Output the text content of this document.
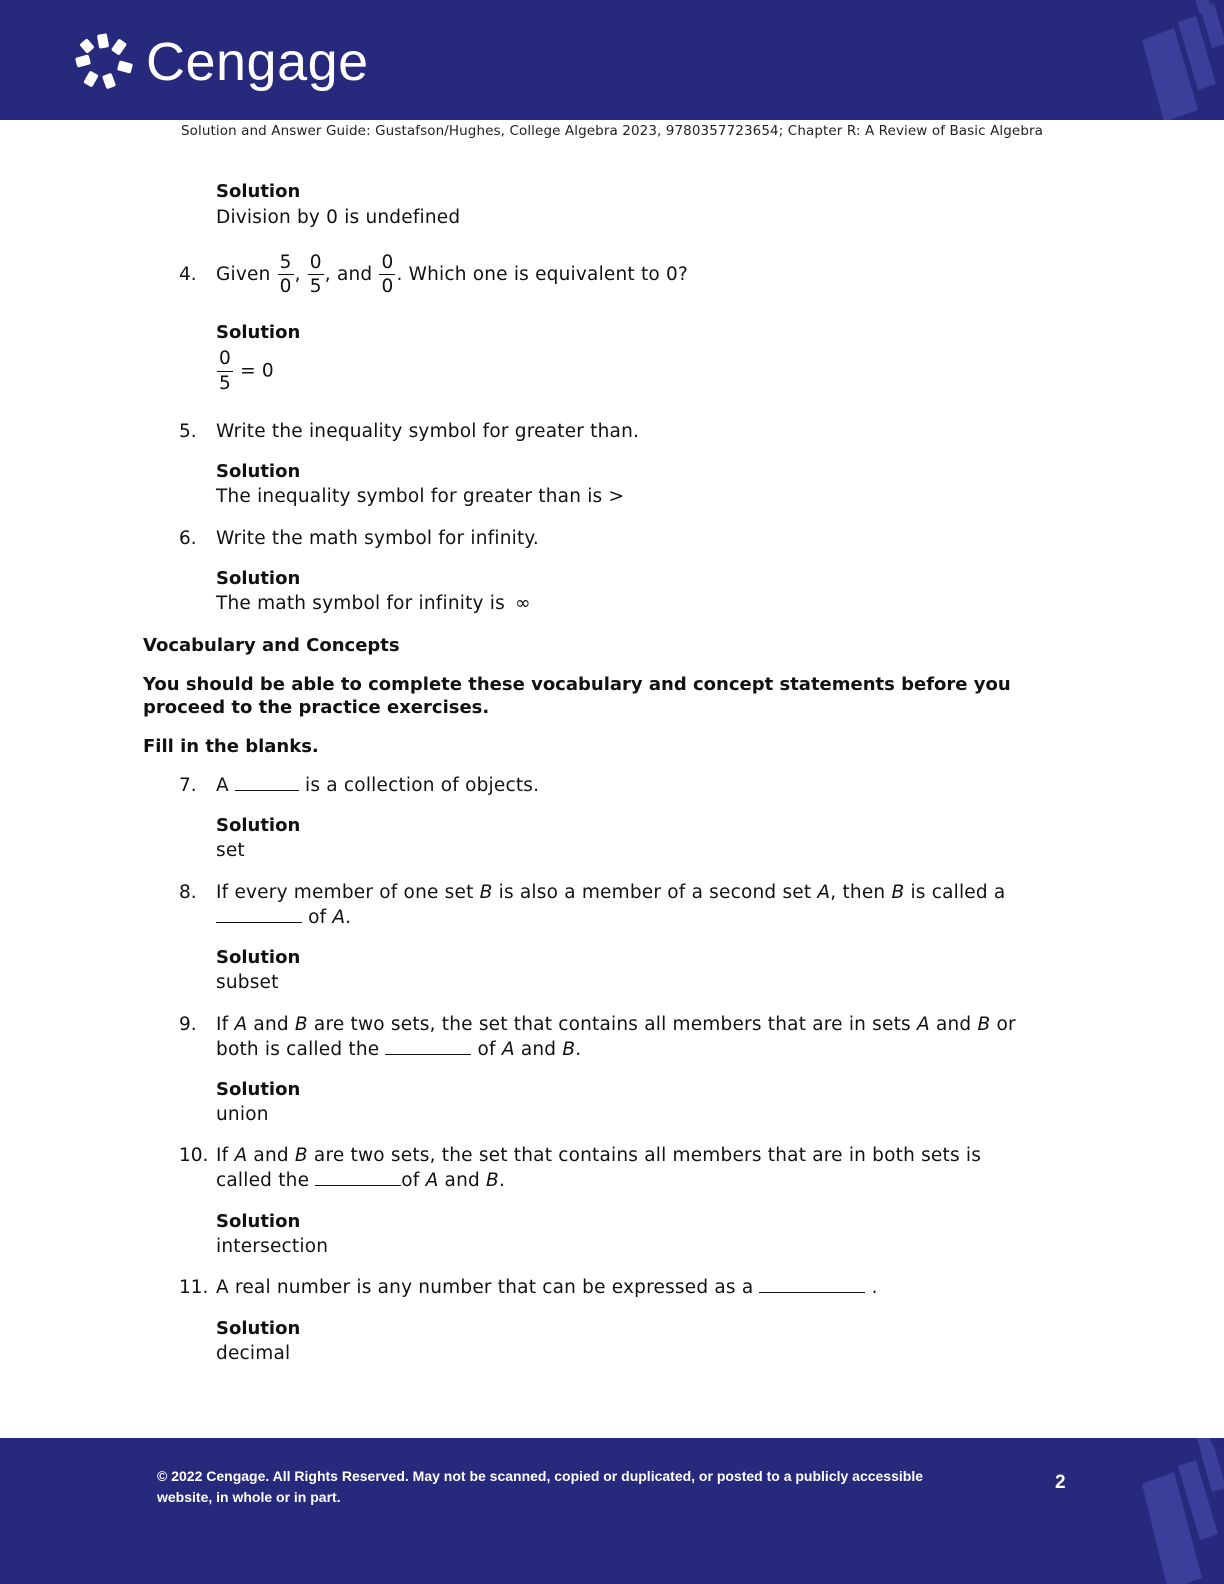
Cengage
Solution and Answer Guide: Gustafson/Hughes, College Algebra 2023, 9780357723654; Chapter R: A Review of Basic Algebra
Solution
Division by 0 is undefined
4. Given $\frac{5}{0}$ , $\frac{0}{5}$ , and $\frac{0}{0}$ . Which one is equivalent to 0?
Solution
$\frac{0}{5} = 0$
5. Write the inequality symbol for greater than.
Solution
The inequality symbol for greater than is >
6. Write the math symbol for infinity.
Solution
The math symbol for infinity is ∞
Vocabulary and Concepts
You should be able to complete these vocabulary and concept statements before you proceed to the practice exercises.
Fill in the blanks.
7. A	is a collection of objects.
Solution
set
8. If every member of one set B is also a member of a second set A, then B is called a
of A.
Solution
subset
9. If A and B are two sets, the set that contains all members that are in sets A and B or
both is called the	of A and B.
Solution
union
10. If A and B are two sets, the set that contains all members that are in both sets is
called the	of A and B.
Solution
intersection
11. A real number is any number that can be expressed as a	.
Solution
decimal
© 2022 Cengage. All Rights Reserved. May not be scanned, copied or duplicated, or posted to a publicly accessible website, in whole or in part.
2
